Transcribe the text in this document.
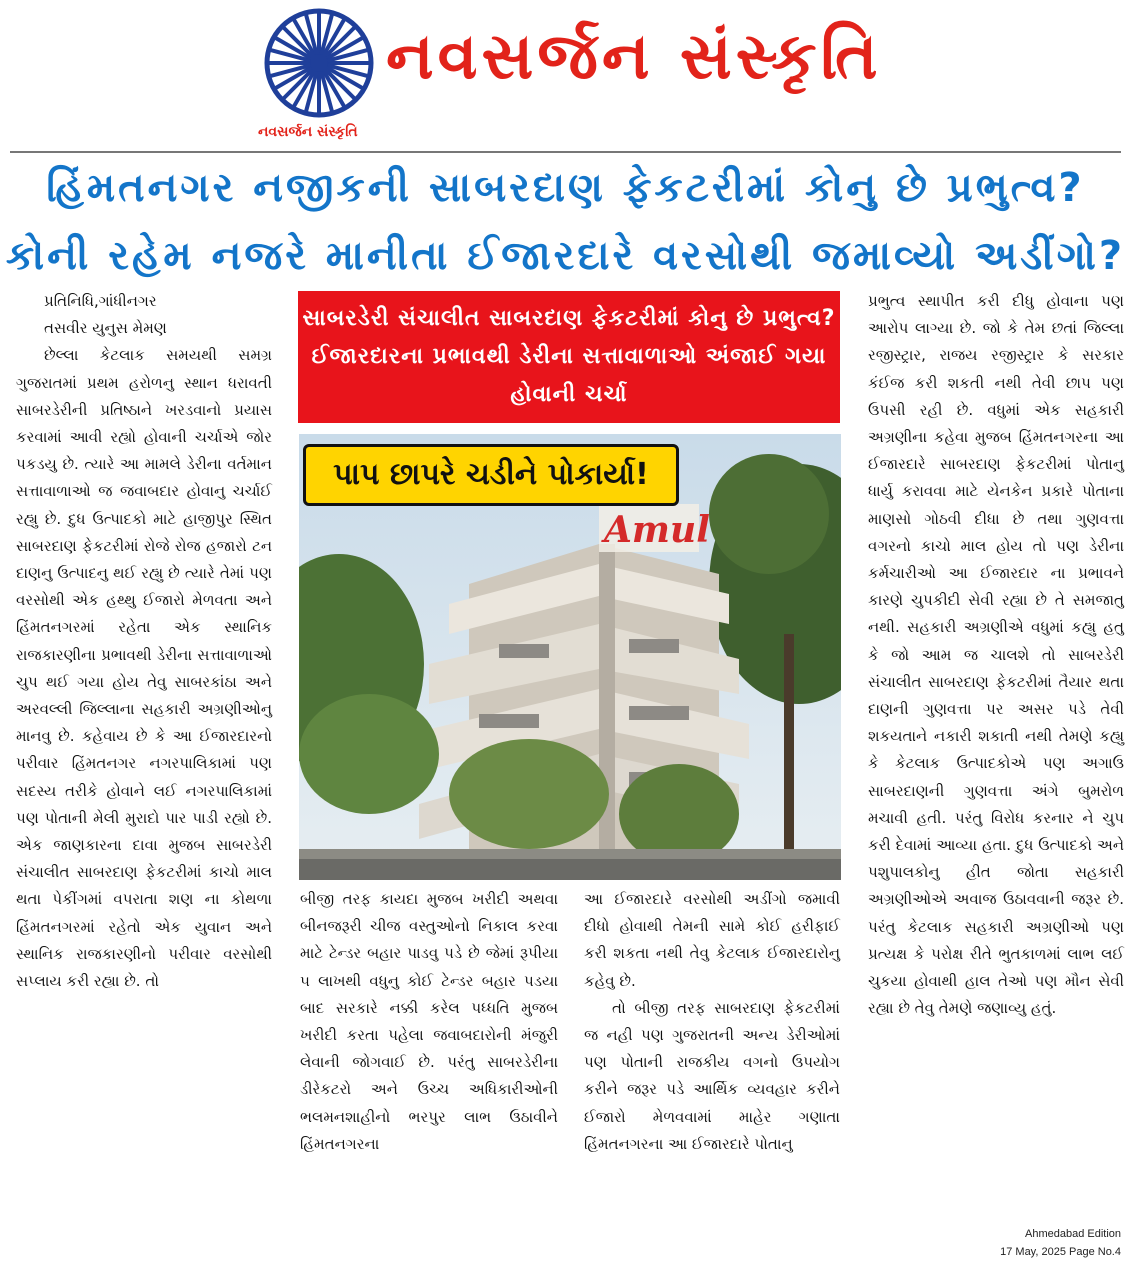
નવસર્જન સંસ્કૃતિ
નવસર્જન સંસ્કૃતિ
હિંમતનગર નજીકની સાબરદાણ ફેકટરીમાં કોનુ છે પ્રભુત્વ?
કોની રહેમ નજરે માનીતા ઈજારદારે વરસોથી જમાવ્યો અડીંગો?

પ્રતિનિધિ,ગાંધીનગર

તસવીર યુનુસ મેમણ

છેલ્લા કેટલાક સમયથી સમગ્ર ગુજરાતમાં પ્રથમ હરોળનુ સ્થાન ધરાવતી સાબરડેરીની પ્રતિષ્ઠાને ખરડવાનો પ્રયાસ કરવામાં આવી રહ્યો હોવાની ચર્ચાએ જોર પકડયુ છે. ત્યારે આ મામલે ડેરીના વર્તમાન સત્તાવાળાઓ જ જવાબદાર હોવાનુ ચર્ચાઈ રહ્યુ છે. દુધ ઉત્પાદકો માટે હાજીપુર સ્થિત સાબરદાણ ફેકટરીમાં રોજે રોજ હજારો ટન દાણનુ ઉત્પાદનુ થઈ રહ્યુ છે ત્યારે તેમાં પણ વરસોથી એક હથ્થુ ઈજારો મેળવતા અને હિંમતનગરમાં રહેતા એક સ્થાનિક રાજકારણીના પ્રભાવથી ડેરીના સત્તાવાળાઓ ચુપ થઈ ગયા હોય તેવુ સાબરકાંઠા અને અરવલ્લી જિલ્લાના સહકારી અગ્રણીઓનુ માનવુ છે. કહેવાય છે કે આ ઈજારદારનો પરીવાર હિંમતનગર નગરપાલિકામાં પણ સદસ્ય તરીકે હોવાને લઈ નગરપાલિકામાં પણ પોતાની મેલી મુરાદો પાર પાડી રહ્યો છે. એક જાણકારના દાવા મુજબ સાબરડેરી સંચાલીત સાબરદાણ ફેકટરીમાં કાચો માલ થતા પેકીંગમાં વપરાતા શણ ના કોથળા હિંમતનગરમાં રહેતો એક યુવાન અને સ્થાનિક રાજકારણીનો પરીવાર વરસોથી સપ્લાય કરી રહ્યા છે. તો

સાબરડેરી સંચાલીત સાબરદાણ ફેકટરીમાં કોનુ છે પ્રભુત્વ? ઈજારદારના પ્રભાવથી ડેરીના સત્તાવાળાઓ અંજાઈ ગયા હોવાની ચર્ચા
Amul
પાપ છાપરે ચડીને પોકાર્યા!

બીજી તરફ કાયદા મુજબ ખરીદી અથવા બીનજરૂરી ચીજ વસ્તુઓનો નિકાલ કરવા માટે ટેન્ડર બહાર પાડવુ પડે છે જેમાં રૂપીયા ૫ લાખથી વધુનુ કોઈ ટેન્ડર બહાર પડયા બાદ સરકારે નક્કી કરેલ પધ્ધતિ મુજબ ખરીદી કરતા પહેલા જવાબદારોની મંજુરી લેવાની જોગવાઈ છે. પરંતુ સાબરડેરીના ડીરેકટરો અને ઉચ્ચ અધિકારીઓની ભલમનશાહીનો ભરપુર લાભ ઉઠાવીને હિંમતનગરના

આ ઈજારદારે વરસોથી અડીંગો જમાવી દીધો હોવાથી તેમની સામે કોઈ હરીફાઈ કરી શકતા નથી તેવુ કેટલાક ઈજારદારોનુ કહેવુ છે.

તો બીજી તરફ સાબરદાણ ફેકટરીમાં જ નહી પણ ગુજરાતની અન્ય ડેરીઓમાં પણ પોતાની રાજકીય વગનો ઉપયોગ કરીને જરૂર પડે આર્થિક વ્યવહાર કરીને ઈજારો મેળવવામાં માહેર ગણાતા હિંમતનગરના આ ઈજારદારે પોતાનુ

પ્રભુત્વ સ્થાપીત કરી દીધુ હોવાના પણ આરોપ લાગ્યા છે. જો કે તેમ છતાં જિલ્લા રજીસ્ટ્રાર, રાજય રજીસ્ટ્રાર કે સરકાર કંઈજ કરી શકતી નથી તેવી છાપ પણ ઉપસી રહી છે. વધુમાં એક સહકારી અગ્રણીના કહેવા મુજબ હિંમતનગરના આ ઈજારદારે સાબરદાણ ફેકટરીમાં પોતાનુ ધાર્યુ કરાવવા માટે યેનકેન પ્રકારે પોતાના માણસો ગોઠવી દીધા છે તથા ગુણવત્તા વગરનો કાચો માલ હોય તો પણ ડેરીના કર્મચારીઓ આ ઈજારદાર ના પ્રભાવને કારણે ચુપકીદી સેવી રહ્યા છે તે સમજાતુ નથી. સહકારી અગ્રણીએ વધુમાં કહ્યુ હતુ કે જો આમ જ ચાલશે તો સાબરડેરી સંચાલીત સાબરદાણ ફેકટરીમાં તૈયાર થતા દાણની ગુણવત્તા પર અસર પડે તેવી શકયતાને નકારી શકાતી નથી તેમણે કહ્યુ કે કેટલાક ઉત્પાદકોએ પણ અગાઉ સાબરદાણની ગુણવત્તા અંગે બુમરોળ મચાવી હતી. પરંતુ વિરોધ કરનાર ને ચુપ કરી દેવામાં આવ્યા હતા. દુધ ઉત્પાદકો અને પશુપાલકોનુ હીત જોતા સહકારી અગ્રણીઓએ અવાજ ઉઠાવવાની જરૂર છે. પરંતુ કેટલાક સહકારી અગ્રણીઓ પણ પ્રત્યક્ષ કે પરોક્ષ રીતે ભુતકાળમાં લાભ લઈ ચુકયા હોવાથી હાલ તેઓ પણ મૌન સેવી રહ્યા છે તેવુ તેમણે જણાવ્યુ હતું.

Ahmedabad Edition
17 May, 2025 Page No.4
